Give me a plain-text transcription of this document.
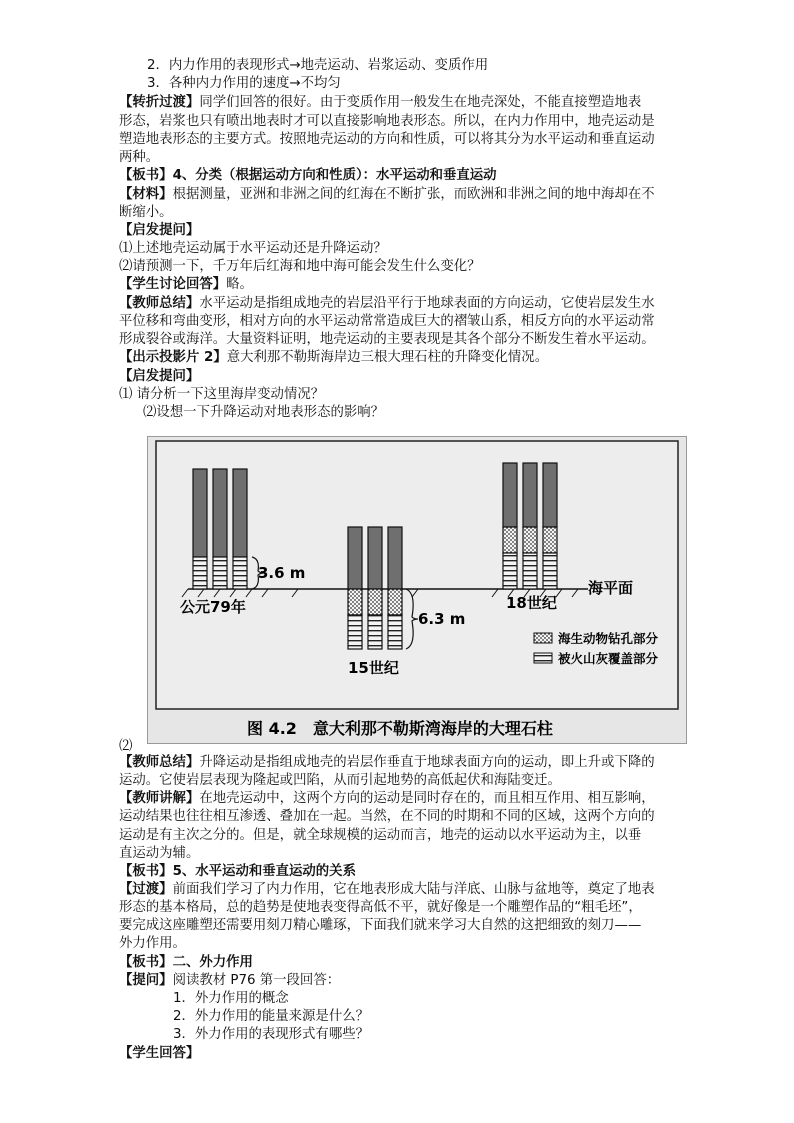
2．内力作用的表现形式→地壳运动、岩浆运动、变质作用
3．各种内力作用的速度→不均匀
【转折过渡】同学们回答的很好。由于变质作用一般发生在地壳深处，不能直接塑造地表
形态，岩浆也只有喷出地表时才可以直接影响地表形态。所以，在内力作用中，地壳运动是
塑造地表形态的主要方式。按照地壳运动的方向和性质，可以将其分为水平运动和垂直运动
两种。
【板书】4、分类（根据运动方向和性质）：水平运动和垂直运动
【材料】根据测量，亚洲和非洲之间的红海在不断扩张，而欧洲和非洲之间的地中海却在不
断缩小。
【启发提问】
⑴上述地壳运动属于水平运动还是升降运动？
⑵请预测一下，千万年后红海和地中海可能会发生什么变化？
【学生讨论回答】略。
【教师总结】水平运动是指组成地壳的岩层沿平行于地球表面的方向运动，它使岩层发生水
平位移和弯曲变形，相对方向的水平运动常常造成巨大的褶皱山系，相反方向的水平运动常
形成裂谷或海洋。大量资料证明，地壳运动的主要表现是其各个部分不断发生着水平运动。
【出示投影片 2】意大利那不勒斯海岸边三根大理石柱的升降变化情况。
【启发提问】
⑴ 请分析一下这里海岸变动情况？
⑵设想一下升降运动对地表形态的影响？
3.6 m
6.3 m
海平面
公元79年
15世纪
18世纪
海生动物钻孔部分
被火山灰覆盖部分
图 4.2　意大利那不勒斯湾海岸的大理石柱
⑵
【教师总结】升降运动是指组成地壳的岩层作垂直于地球表面方向的运动，即上升或下降的
运动。它使岩层表现为隆起或凹陷，从而引起地势的高低起伏和海陆变迁。
【教师讲解】在地壳运动中，这两个方向的运动是同时存在的，而且相互作用、相互影响，
运动结果也往往相互渗透、叠加在一起。当然，在不同的时期和不同的区域，这两个方向的
运动是有主次之分的。但是，就全球规模的运动而言，地壳的运动以水平运动为主，以垂
直运动为辅。
【板书】5、水平运动和垂直运动的关系
【过渡】前面我们学习了内力作用，它在地表形成大陆与洋底、山脉与盆地等，奠定了地表
形态的基本格局，总的趋势是使地表变得高低不平，就好像是一个雕塑作品的“粗毛坯”，
要完成这座雕塑还需要用刻刀精心雕琢，下面我们就来学习大自然的这把细致的刻刀——
外力作用。
【板书】二、外力作用
【提问】阅读教材 P76 第一段回答：
1．外力作用的概念
2．外力作用的能量来源是什么？
3．外力作用的表现形式有哪些？
【学生回答】
